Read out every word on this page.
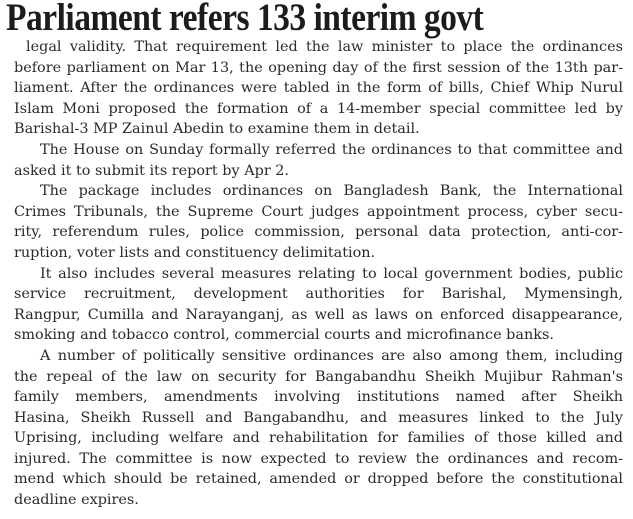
Parliament refers 133 interim govt
legal validity. That requirement led the law minister to place the ordinances
before parliament on Mar 13, the opening day of the first session of the 13th par-
liament. After the ordinances were tabled in the form of bills, Chief Whip Nurul
Islam Moni proposed the formation of a 14-member special committee led by
Barishal-3 MP Zainul Abedin to examine them in detail.
The House on Sunday formally referred the ordinances to that committee and
asked it to submit its report by Apr 2.
The package includes ordinances on Bangladesh Bank, the International
Crimes Tribunals, the Supreme Court judges appointment process, cyber secu-
rity, referendum rules, police commission, personal data protection, anti-cor-
ruption, voter lists and constituency delimitation.
It also includes several measures relating to local government bodies, public
service recruitment, development authorities for Barishal, Mymensingh,
Rangpur, Cumilla and Narayanganj, as well as laws on enforced disappearance,
smoking and tobacco control, commercial courts and microfinance banks.
A number of politically sensitive ordinances are also among them, including
the repeal of the law on security for Bangabandhu Sheikh Mujibur Rahman's
family members, amendments involving institutions named after Sheikh
Hasina, Sheikh Russell and Bangabandhu, and measures linked to the July
Uprising, including welfare and rehabilitation for families of those killed and
injured. The committee is now expected to review the ordinances and recom-
mend which should be retained, amended or dropped before the constitutional
deadline expires.
